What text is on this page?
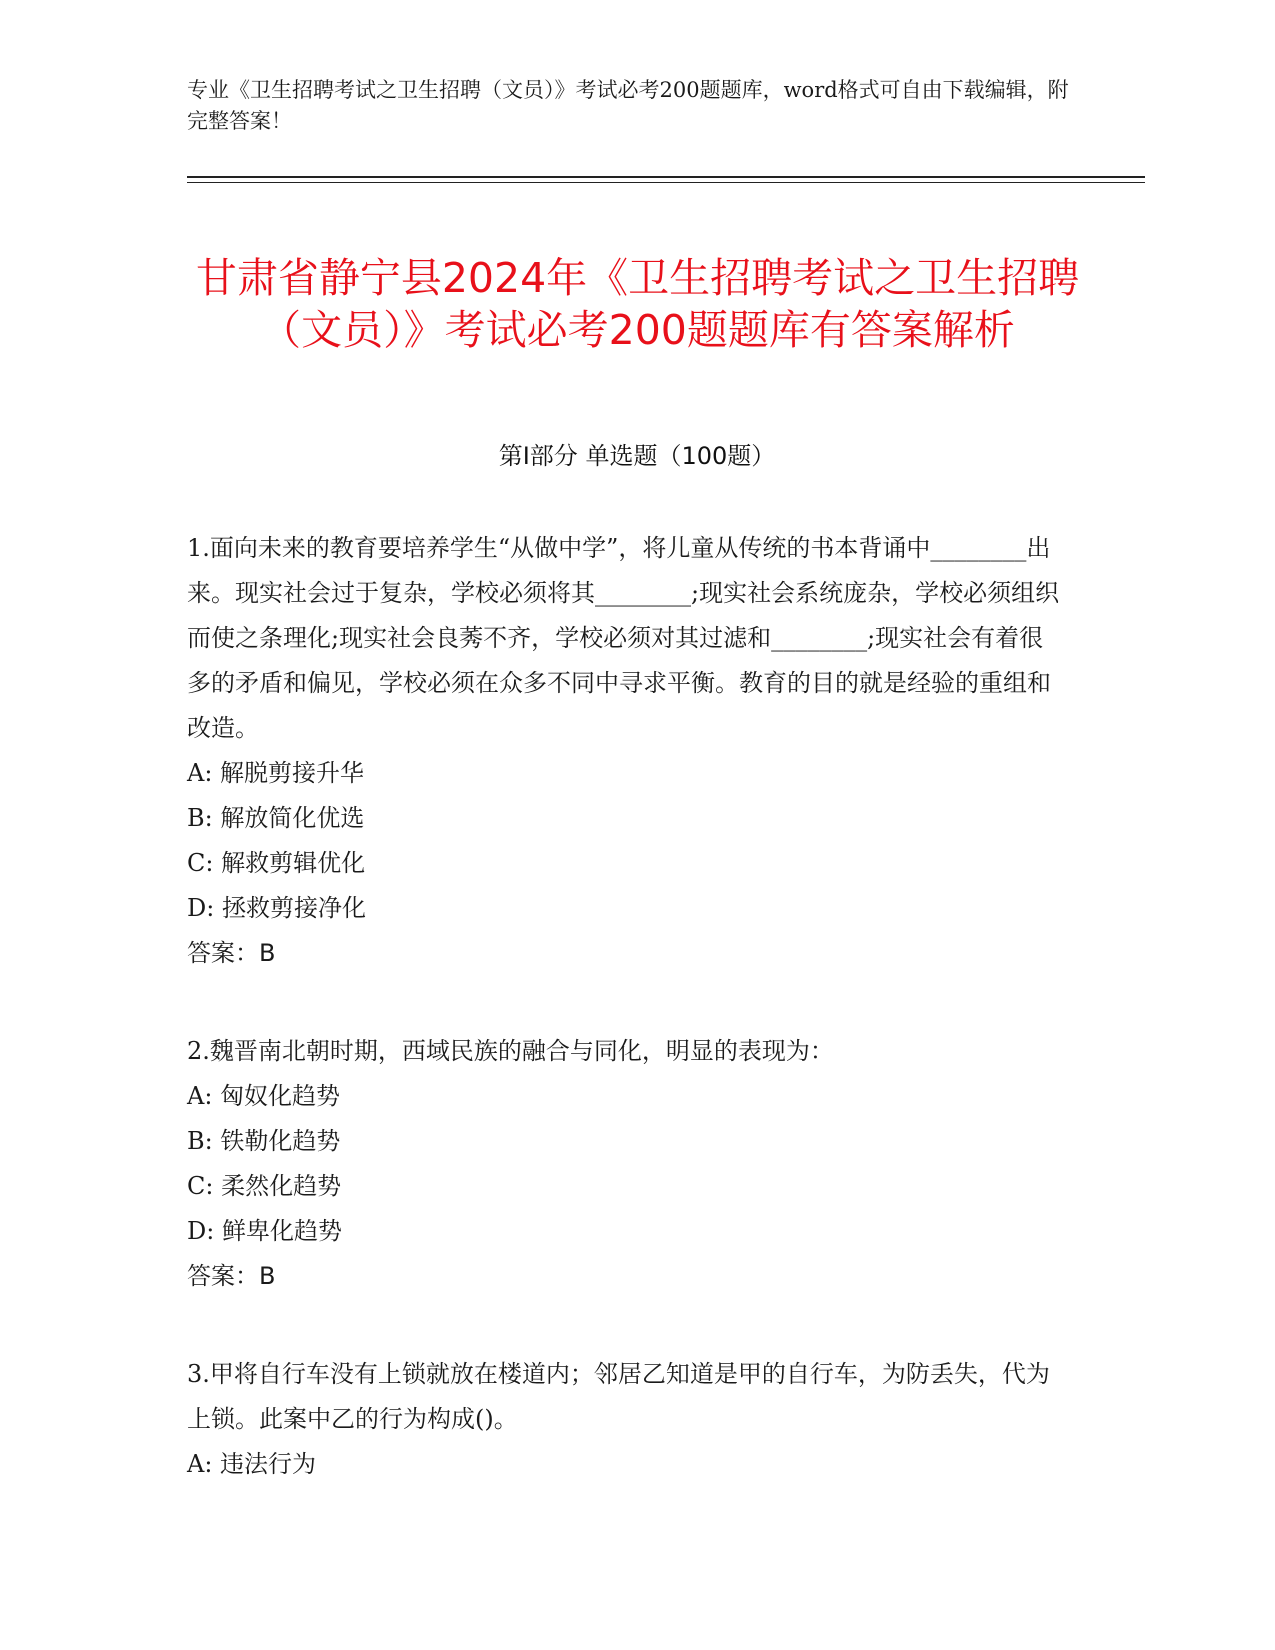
专业《卫生招聘考试之卫生招聘（文员）》考试必考200题题库，word格式可自由下载编辑，附完整答案！
甘肃省静宁县2024年《卫生招聘考试之卫生招聘（文员）》考试必考200题题库有答案解析
第I部分 单选题（100题）

1.面向未来的教育要培养学生“从做中学”，将儿童从传统的书本背诵中________出来。现实社会过于复杂，学校必须将其________;现实社会系统庞杂，学校必须组织而使之条理化;现实社会良莠不齐，学校必须对其过滤和________;现实社会有着很多的矛盾和偏见，学校必须在众多不同中寻求平衡。教育的目的就是经验的重组和改造。

A: 解脱剪接升华
B: 解放简化优选
C: 解救剪辑优化
D: 拯救剪接净化

答案：B

2.魏晋南北朝时期，西域民族的融合与同化，明显的表现为：

A: 匈奴化趋势
B: 铁勒化趋势
C: 柔然化趋势
D: 鲜卑化趋势

答案：B

3.甲将自行车没有上锁就放在楼道内；邻居乙知道是甲的自行车，为防丢失，代为上锁。此案中乙的行为构成()。

A: 违法行为
